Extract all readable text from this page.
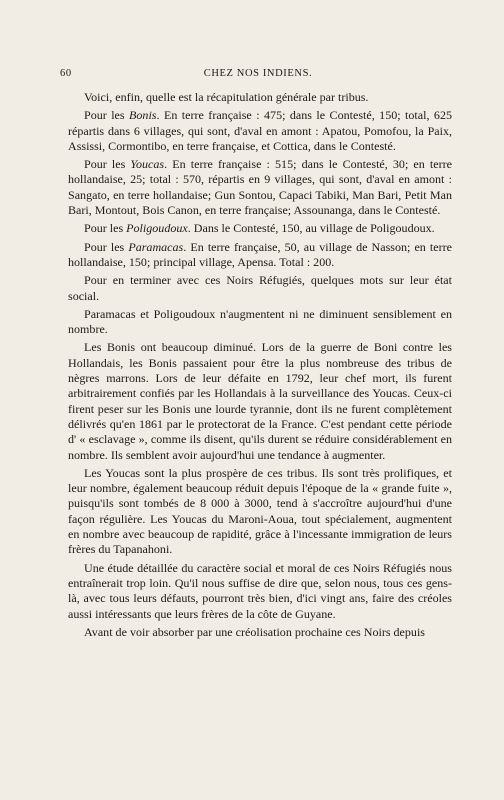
60	CHEZ NOS INDIENS.

Voici, enfin, quelle est la récapitulation générale par tribus.

Pour les Bonis. En terre française : 475; dans le Contesté, 150; total, 625 répartis dans 6 villages, qui sont, d'aval en amont : Apatou, Pomofou, la Paix, Assissi, Cormontibo, en terre française, et Cottica, dans le Contesté.

Pour les Youcas. En terre française : 515; dans le Contesté, 30; en terre hollandaise, 25; total : 570, répartis en 9 villages, qui sont, d'aval en amont : Sangato, en terre hollandaise; Gun Sontou, Capaci Tabiki, Man Bari, Petit Man Bari, Montout, Bois Canon, en terre française; Assounanga, dans le Contesté.

Pour les Poligoudoux. Dans le Contesté, 150, au village de Poligoudoux.

Pour les Paramacas. En terre française, 50, au village de Nasson; en terre hollandaise, 150; principal village, Apensa. Total : 200.

Pour en terminer avec ces Noirs Réfugiés, quelques mots sur leur état social.

Paramacas et Poligoudoux n'augmentent ni ne diminuent sensiblement en nombre.

Les Bonis ont beaucoup diminué. Lors de la guerre de Boni contre les Hollandais, les Bonis passaient pour être la plus nombreuse des tribus de nègres marrons. Lors de leur défaite en 1792, leur chef mort, ils furent arbitrairement confiés par les Hollandais à la surveillance des Youcas. Ceux-ci firent peser sur les Bonis une lourde tyrannie, dont ils ne furent complètement délivrés qu'en 1861 par le protectorat de la France. C'est pendant cette période d' « esclavage », comme ils disent, qu'ils durent se réduire considérablement en nombre. Ils semblent avoir aujourd'hui une tendance à augmenter.

Les Youcas sont la plus prospère de ces tribus. Ils sont très prolifiques, et leur nombre, également beaucoup réduit depuis l'époque de la « grande fuite », puisqu'ils sont tombés de 8 000 à 3000, tend à s'accroître aujourd'hui d'une façon régulière. Les Youcas du Maroni-Aoua, tout spécialement, augmentent en nombre avec beaucoup de rapidité, grâce à l'incessante immigration de leurs frères du Tapanahoni.

Une étude détaillée du caractère social et moral de ces Noirs Réfugiés nous entraînerait trop loin. Qu'il nous suffise de dire que, selon nous, tous ces gens-là, avec tous leurs défauts, pourront très bien, d'ici vingt ans, faire des créoles aussi intéressants que leurs frères de la côte de Guyane.

Avant de voir absorber par une créolisation prochaine ces Noirs depuis
